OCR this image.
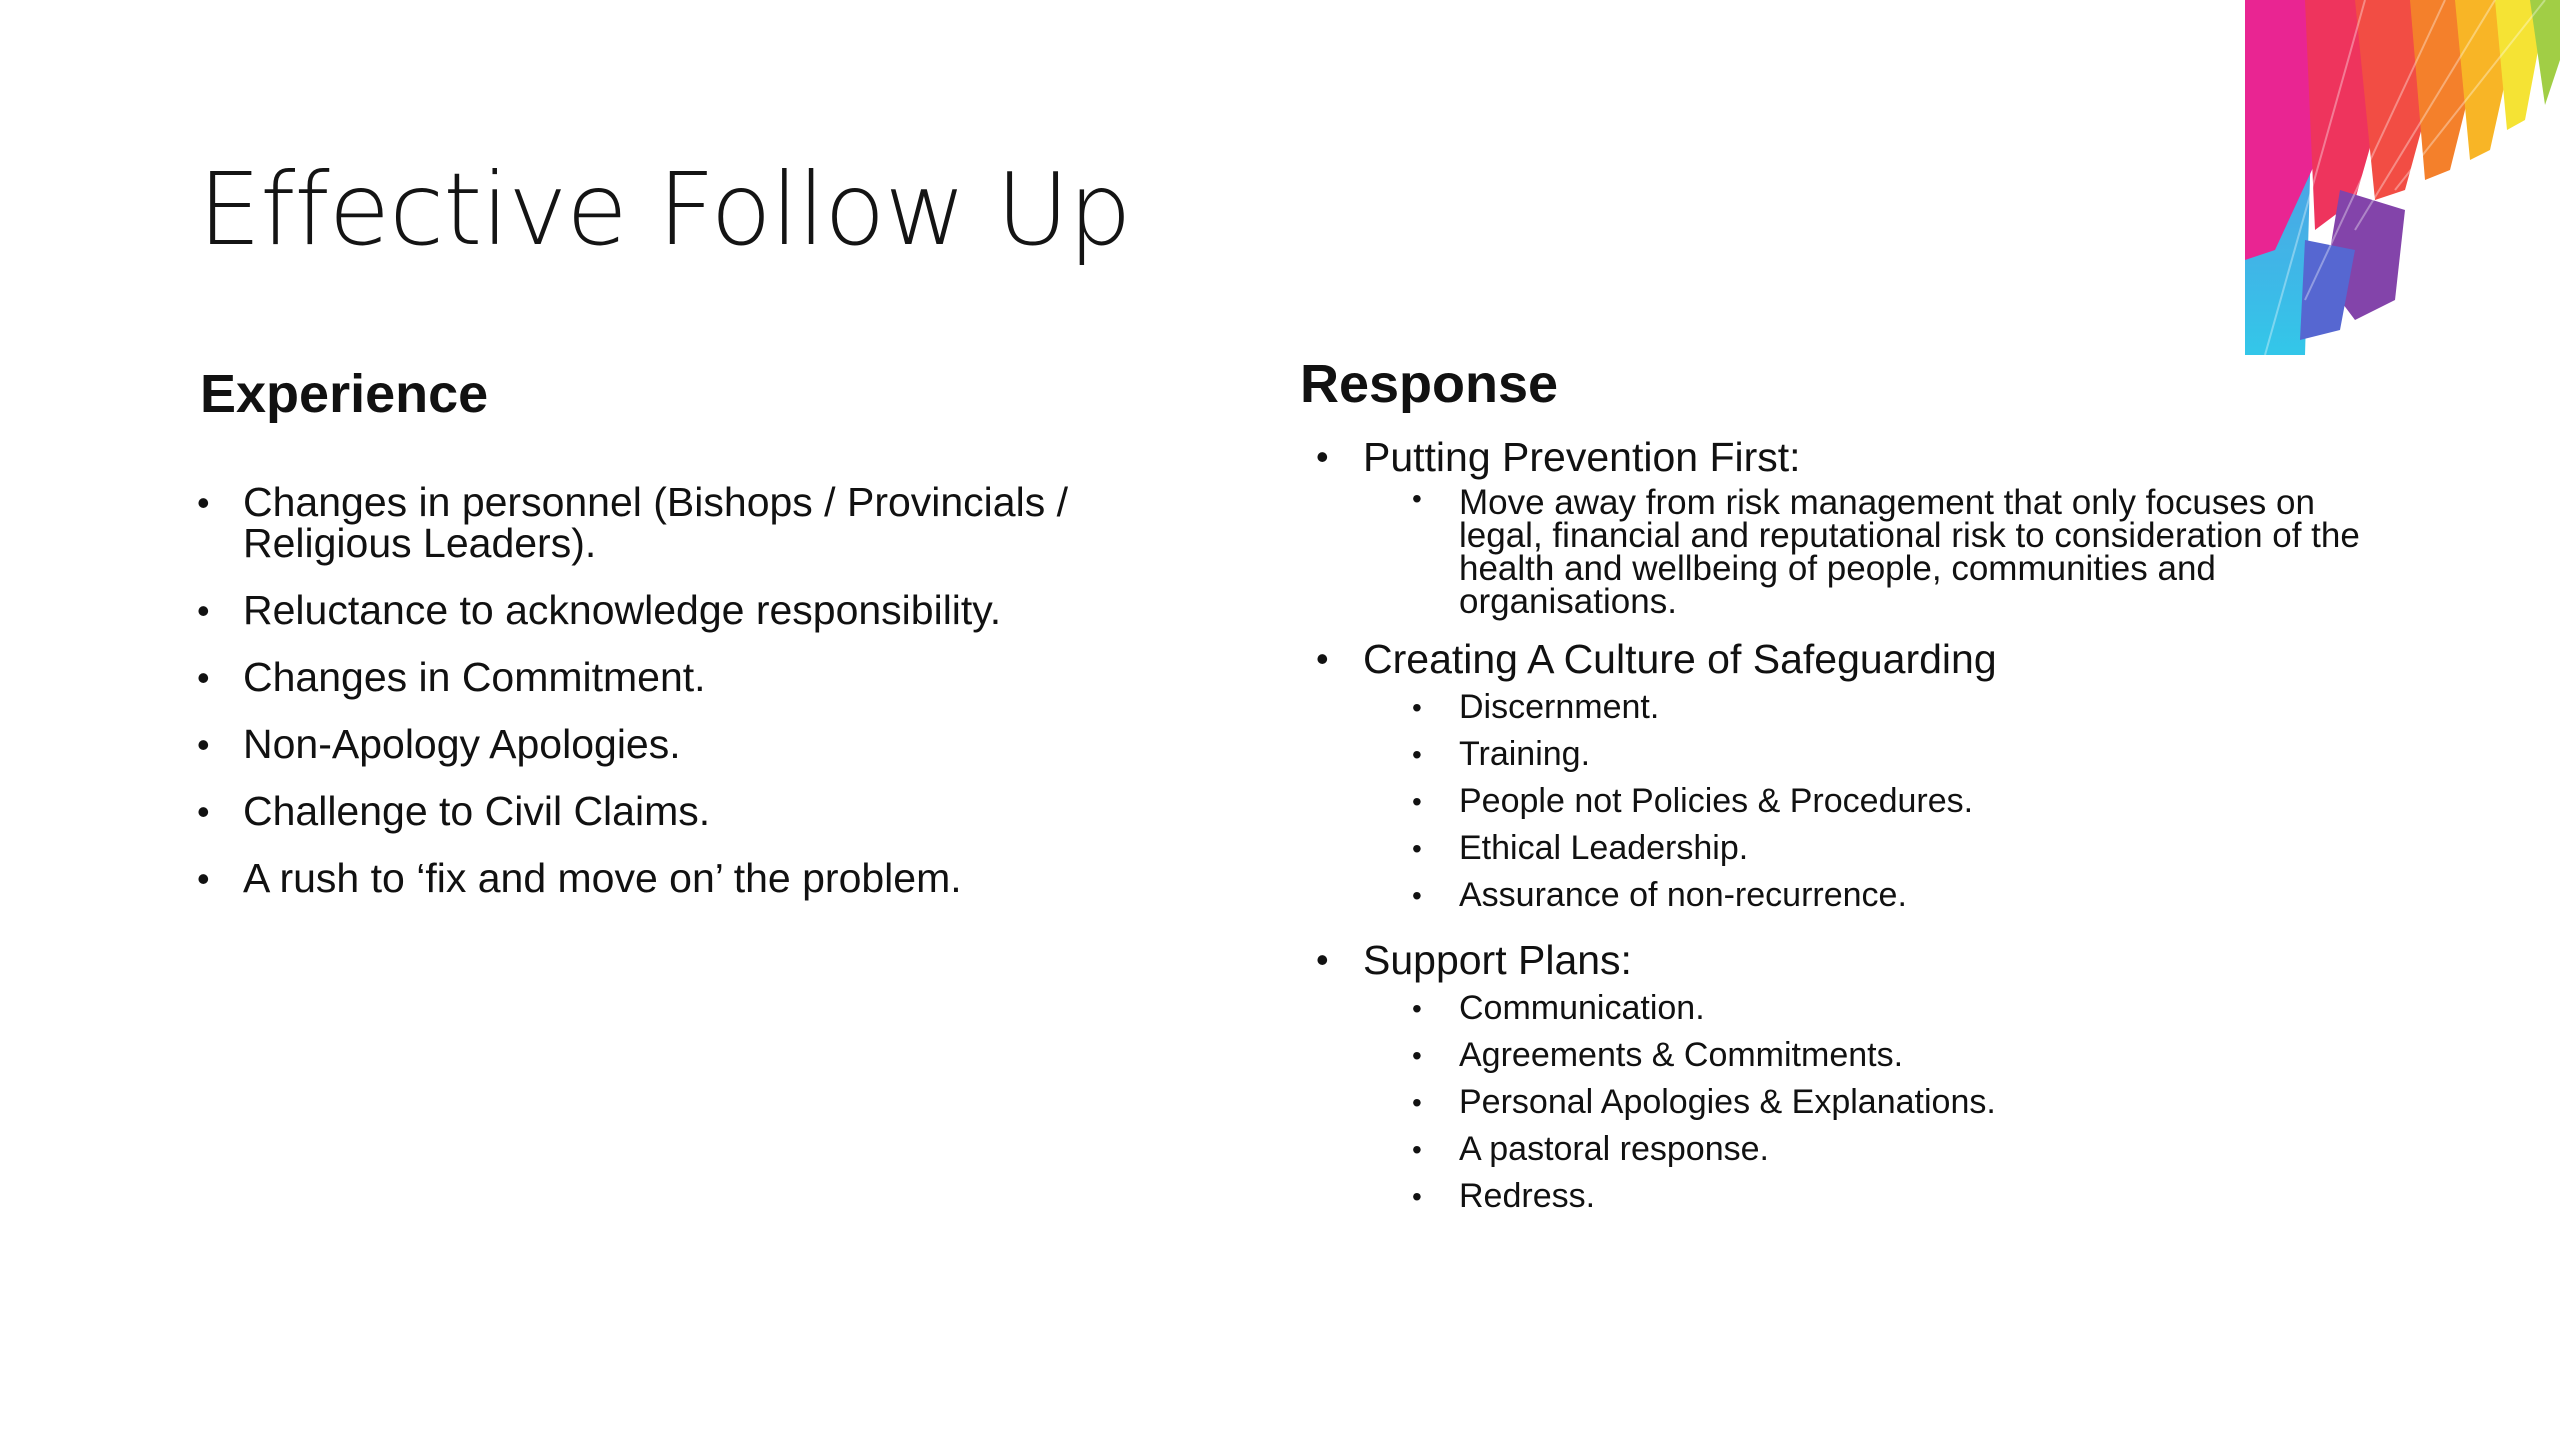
Effective Follow Up
Experience
• Changes in personnel (Bishops / Provincials / Religious Leaders).
• Reluctance to acknowledge responsibility.
• Changes in Commitment.
• Non-Apology Apologies.
• Challenge to Civil Claims.
• A rush to ‘fix and move on’ the problem.
Response
• Putting Prevention First:
• Move away from risk management that only focuses on legal, financial and reputational risk to consideration of the health and wellbeing of people, communities and organisations.
• Creating A Culture of Safeguarding
• Discernment.
• Training.
• People not Policies & Procedures.
• Ethical Leadership.
• Assurance of non-recurrence.
• Support Plans:
• Communication.
• Agreements & Commitments.
• Personal Apologies & Explanations.
• A pastoral response.
• Redress.
